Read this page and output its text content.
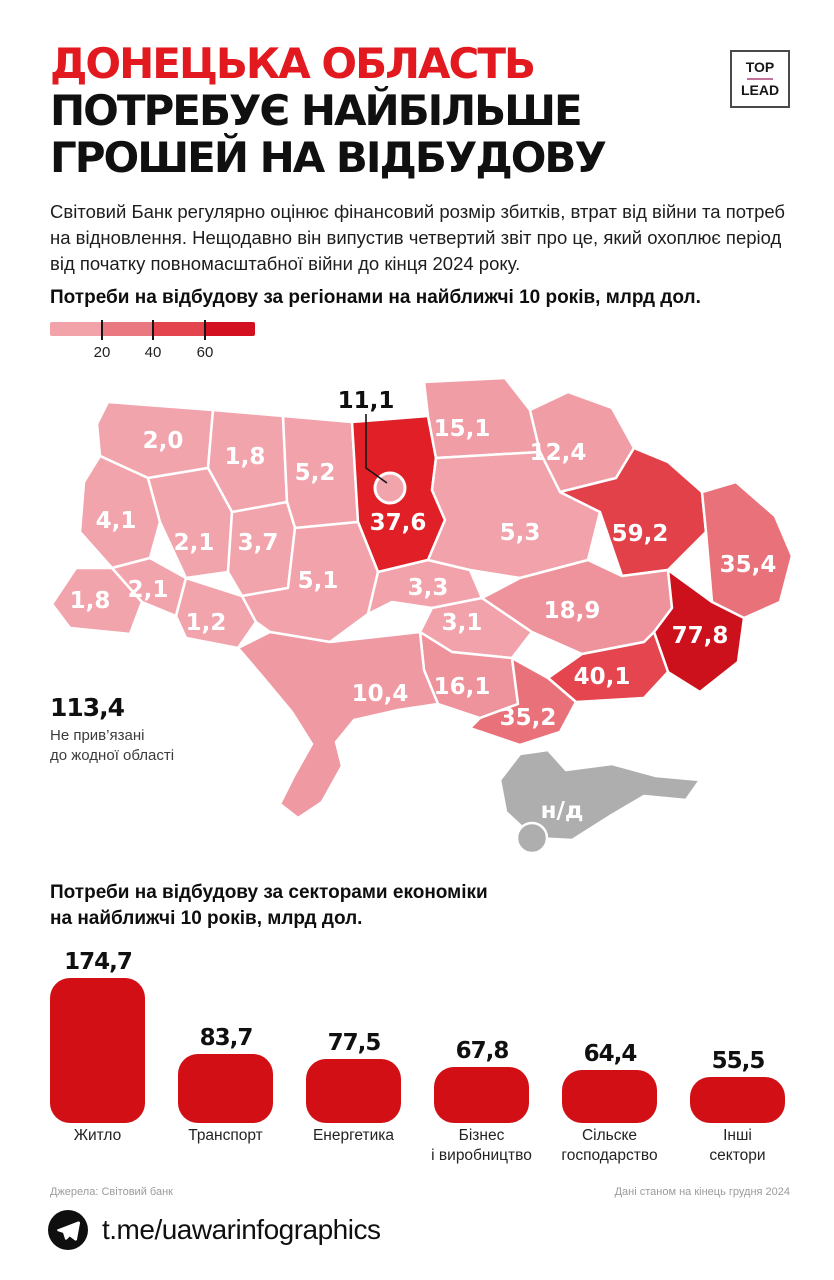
ДОНЕЦЬКА ОБЛАСТЬ
ПОТРЕБУЄ НАЙБІЛЬШЕ
ГРОШЕЙ НА ВІДБУДОВУ
TOP
LEAD
Світовий Банк регулярно оцінює фінансовий розмір збитків, втрат від війни та потреб на відновлення. Нещодавно він випустив четвертий звіт про це, який охоплює період від початку повномасштабної війни до кінця 2024 року.
Потреби на відбудову за регіонами на найближчі 10 років, млрд дол.
20	40	60
11,1
2,0
1,8
5,2
37,6
15,1
12,4
4,1
2,1 3,7
1,8 2,1
1,2
5,1	3,3
5,3	59,2
35,4
3,1	18,9
77,8
40,1
16,1
10,4
35,2
н/д
113,4
Не прив’язані
до жодної області
Потреби на відбудову за секторами економіки
на найближчі 10 років, млрд дол.
174,7
Житло
83,7
Транспорт
77,5
Енергетика
67,8
Бізнес
і виробництво
64,4
Сільске
господарство
55,5
Інші
сектори
Джерела: Світовий банк	Дані станом на кінець грудня 2024
t.me/uawarinfographics
